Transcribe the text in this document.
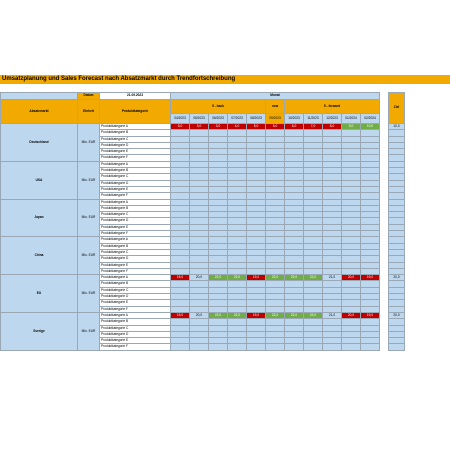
Umsatzplanung und Sales Forecast nach Absatzmarkt durch Trendfortschreibung
	Datum	21.09.2023	Monat												Ziel	
Absatzmarkt	Einheit	Produktkategorie	5 - back					now	5 - forward							
			04/2023	05/2023	06/2023	07/2023	08/2023	09/2023	10/2023	11/2023	12/2023	01/2024	02/2024			
Deutschland	Mio. EUR	Produktkategorie A	5,0	3,0	3,0	4,0	5,0	5,0	6,0	7,0	8,0	9,0	10,0		10,0	
		Produktkategorie B														
		Produktkategorie C														
		Produktkategorie D														
		Produktkategorie E														
		Produktkategorie F														
USA	Mio. EUR	Produktkategorie A														
		Produktkategorie B														
		Produktkategorie C														
		Produktkategorie D														
		Produktkategorie E														
		Produktkategorie F														
Japan	Mio. EUR	Produktkategorie A														
		Produktkategorie B														
		Produktkategorie C														
		Produktkategorie D														
		Produktkategorie E														
		Produktkategorie F														
China	Mio. EUR	Produktkategorie A														
		Produktkategorie B														
		Produktkategorie C														
		Produktkategorie D														
		Produktkategorie E														
		Produktkategorie F														
EU	Mio. EUR	Produktkategorie A	19,0	20,0	22,0	22,0	19,0	22,0	22,0	22,0	21,0	20,0	19,0		20,0	
		Produktkategorie B														
		Produktkategorie C														
		Produktkategorie D														
		Produktkategorie E														
		Produktkategorie F														
Sverige	Mio. EUR	Produktkategorie A	19,0	20,0	22,0	22,0	19,0	22,0	22,0	22,0	21,0	20,0	19,0		20,0	
		Produktkategorie B														
		Produktkategorie C														
		Produktkategorie D														
		Produktkategorie E														
		Produktkategorie F														
